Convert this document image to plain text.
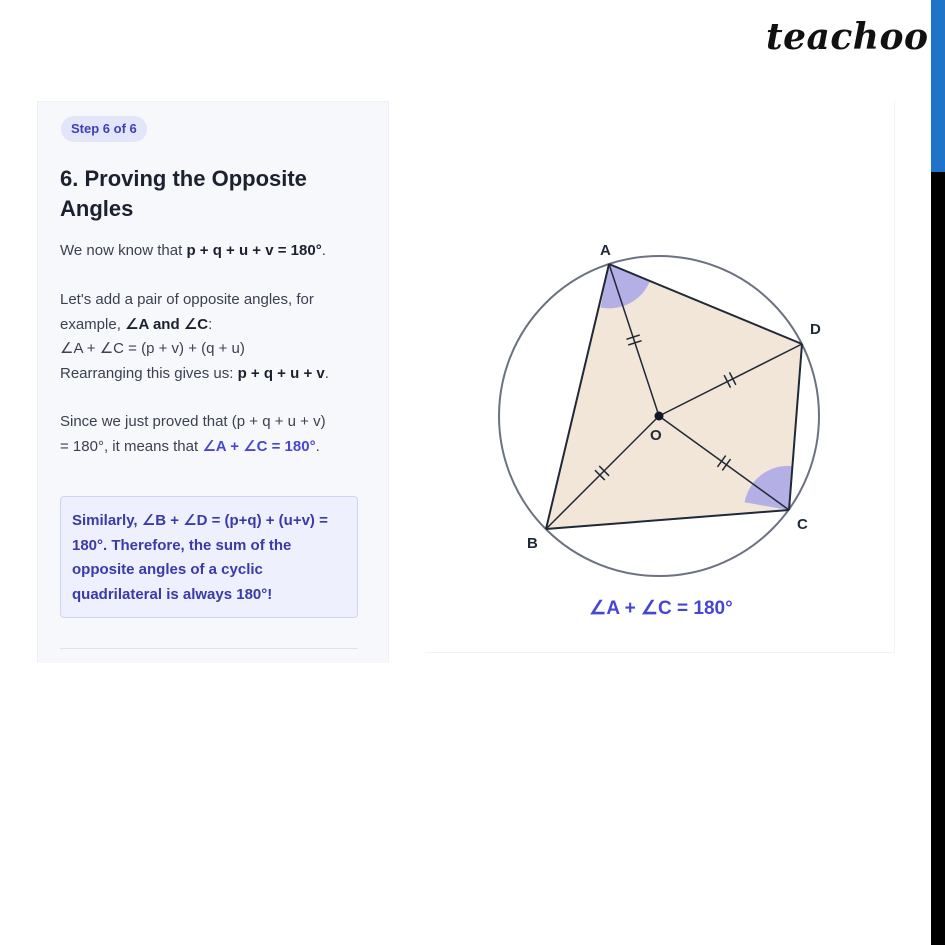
teachoo
Step 6 of 6
6. Proving the Opposite Angles
We now know that p + q + u + v = 180°.
Let's add a pair of opposite angles, for
example, ∠A and ∠C:
∠A + ∠C = (p + v) + (q + u)
Rearranging this gives us: p + q + u + v.
Since we just proved that (p + q + u + v)
= 180°, it means that ∠A + ∠C = 180°.
Similarly, ∠B + ∠D = (p+q) + (u+v) = 180°. Therefore, the sum of the opposite angles of a cyclic quadrilateral is always 180°!
A
D
C
B
O
∠A + ∠C = 180°
